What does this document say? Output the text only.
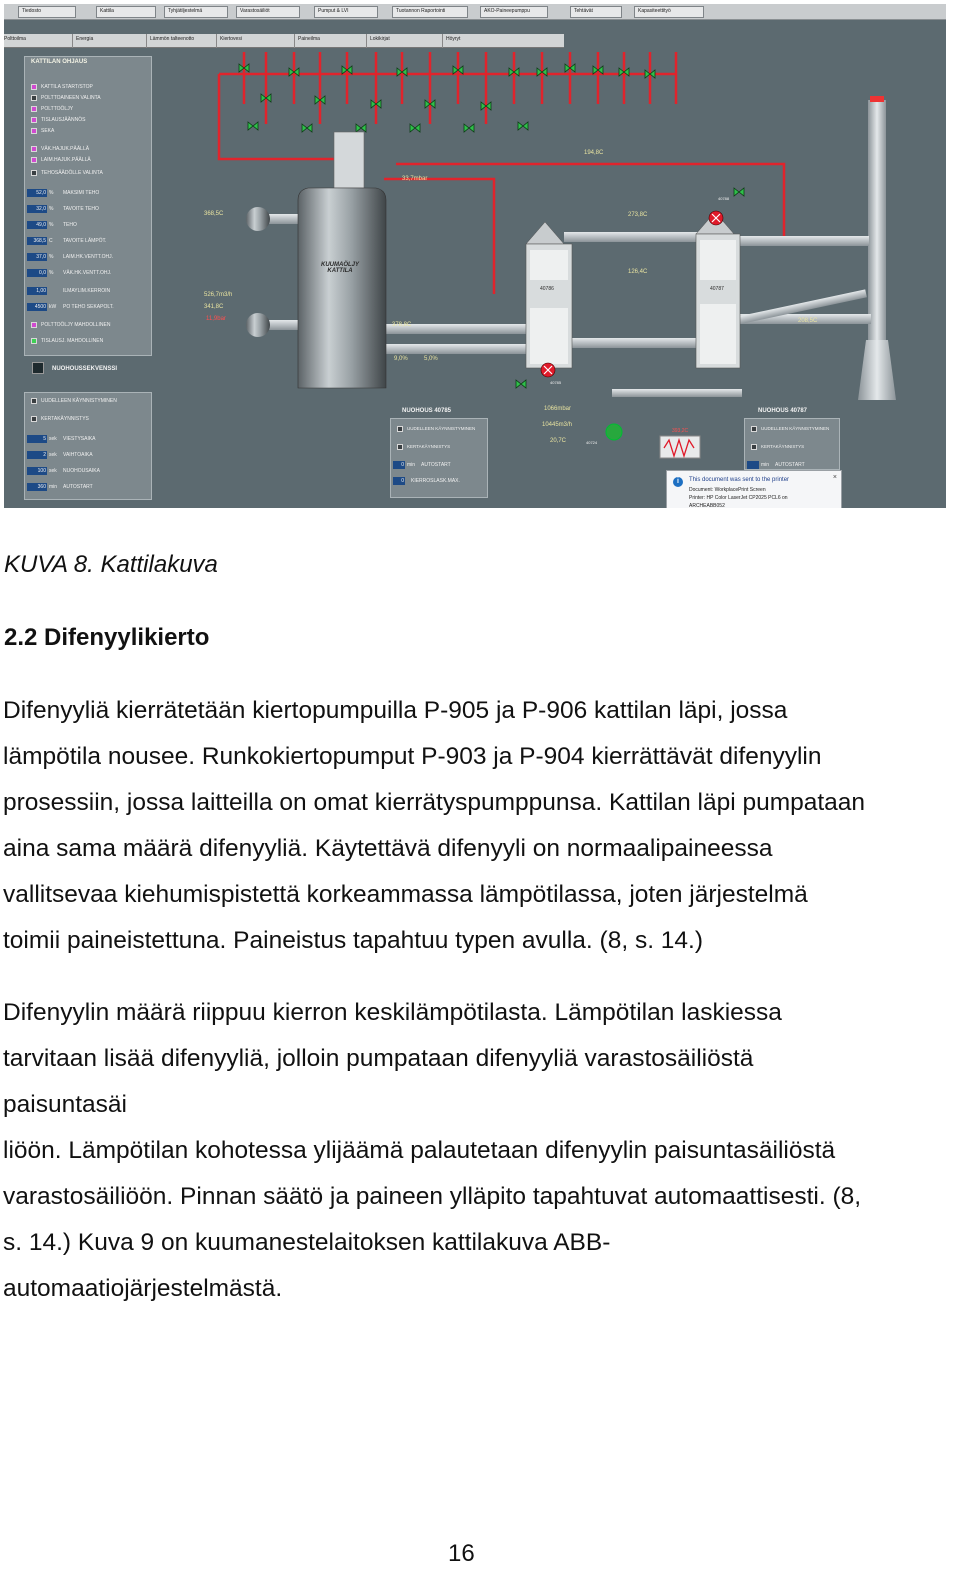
Tiedosto	Kattila	Tyhjätiljestelmä	Varastosäiliöt	Pumput & LVI	Tuotannon Raportointi	AKO-Paineepumppu	Tehtävät	Kapasiteettityö
Polttoilma	Energia	Lämmön talteenotto	Kiertovesi	Paineilma	Lokikirjat	Höyryt
KUUMAÖLJY KATTILA
368,5C
526,7m3/h
341,8C
11,9bar
33,7mbar
194,8C
273,8C
126,4C
378,8C
9,0%	5,0%
208,5C
40786	40787
1066mbar
10445m3/h
20,7C
393,2C
40788
40785
40724
KATTILAN OHJAUS
KATTILA START/STOP
POLTTOAINEEN VALINTA
POLTTOÖLJY
TISLAUSJÄÄNNÖS
SEKA
VÄK.HAJUK.PÄÄLLÄ
LAIM.HAJUK.PÄÄLLÄ
TEHOSÄÄDÖLLE VALINTA
52,0 % MAKSIMI TEHO
32,0 % TAVOITE TEHO
49,0 % TEHO
368,5 C TAVOITE LÄMPÖT.
37,0 % LAIM.HK.VENTT.OHJ.
0,0 % VÄK.HK.VENTT.OHJ.
1,00	ILMAYLIM.KERROIN
4500 kW PO TEHO SEKAPOLT.
POLTTOÖLJY MAHDOLLINEN
TISLAUSJ. MAHDOLLINEN
NUOHOUSSEKVENSSI
UUDELLEEN KÄYNNISTYMINEN
KERTAKÄYNNISTYS
5 sek VIESTYSAIKA
2 sek VAIHTOAIKA
100 sek NUOHOUSAIKA
360 min AUTOSTART
NUOHOUS 40785
UUDELLEEN KÄYNNISTYMINEN
KERTAKÄYNNISTYS
0 min AUTOSTART
0 KIERROSLASK.MAX.
NUOHOUS 40787
UUDELLEEN KÄYNNISTYMINEN
KERTAKÄYNNISTYS
min AUTOSTART
i	This document was sent to the printer
Document: WorkplacePrint Screen
Printer: HP Color LaserJet CP2025 PCL6 on
ARCHEABB052
×
KUVA 8. Kattilakuva
2.2 Difenyylikierto
Difenyyliä kierrätetään kiertopumpuilla P-905 ja P-906 kattilan läpi, jossa
lämpötila nousee. Runkokiertopumput P-903 ja P-904 kierrättävät difenyylin
prosessiin, jossa laitteilla on omat kierrätyspumppunsa. Kattilan läpi pumpataan
aina sama määrä difenyyliä. Käytettävä difenyyli on normaalipaineessa
vallitsevaa kiehumispistettä korkeammassa lämpötilassa, joten järjestelmä
toimii paineistettuna. Paineistus tapahtuu typen avulla. (8, s. 14.)
Difenyylin määrä riippuu kierron keskilämpötilasta. Lämpötilan laskiessa
tarvitaan lisää difenyyliä, jolloin pumpataan difenyyliä varastosäiliöstä
paisuntasäi
liöön. Lämpötilan kohotessa ylijäämä palautetaan difenyylin paisuntasäiliöstä
varastosäiliöön. Pinnan säätö ja paineen ylläpito tapahtuvat automaattisesti. (8,
s. 14.) Kuva 9 on kuumanestelaitoksen kattilakuva ABB-
automaatiojärjestelmästä.
16
